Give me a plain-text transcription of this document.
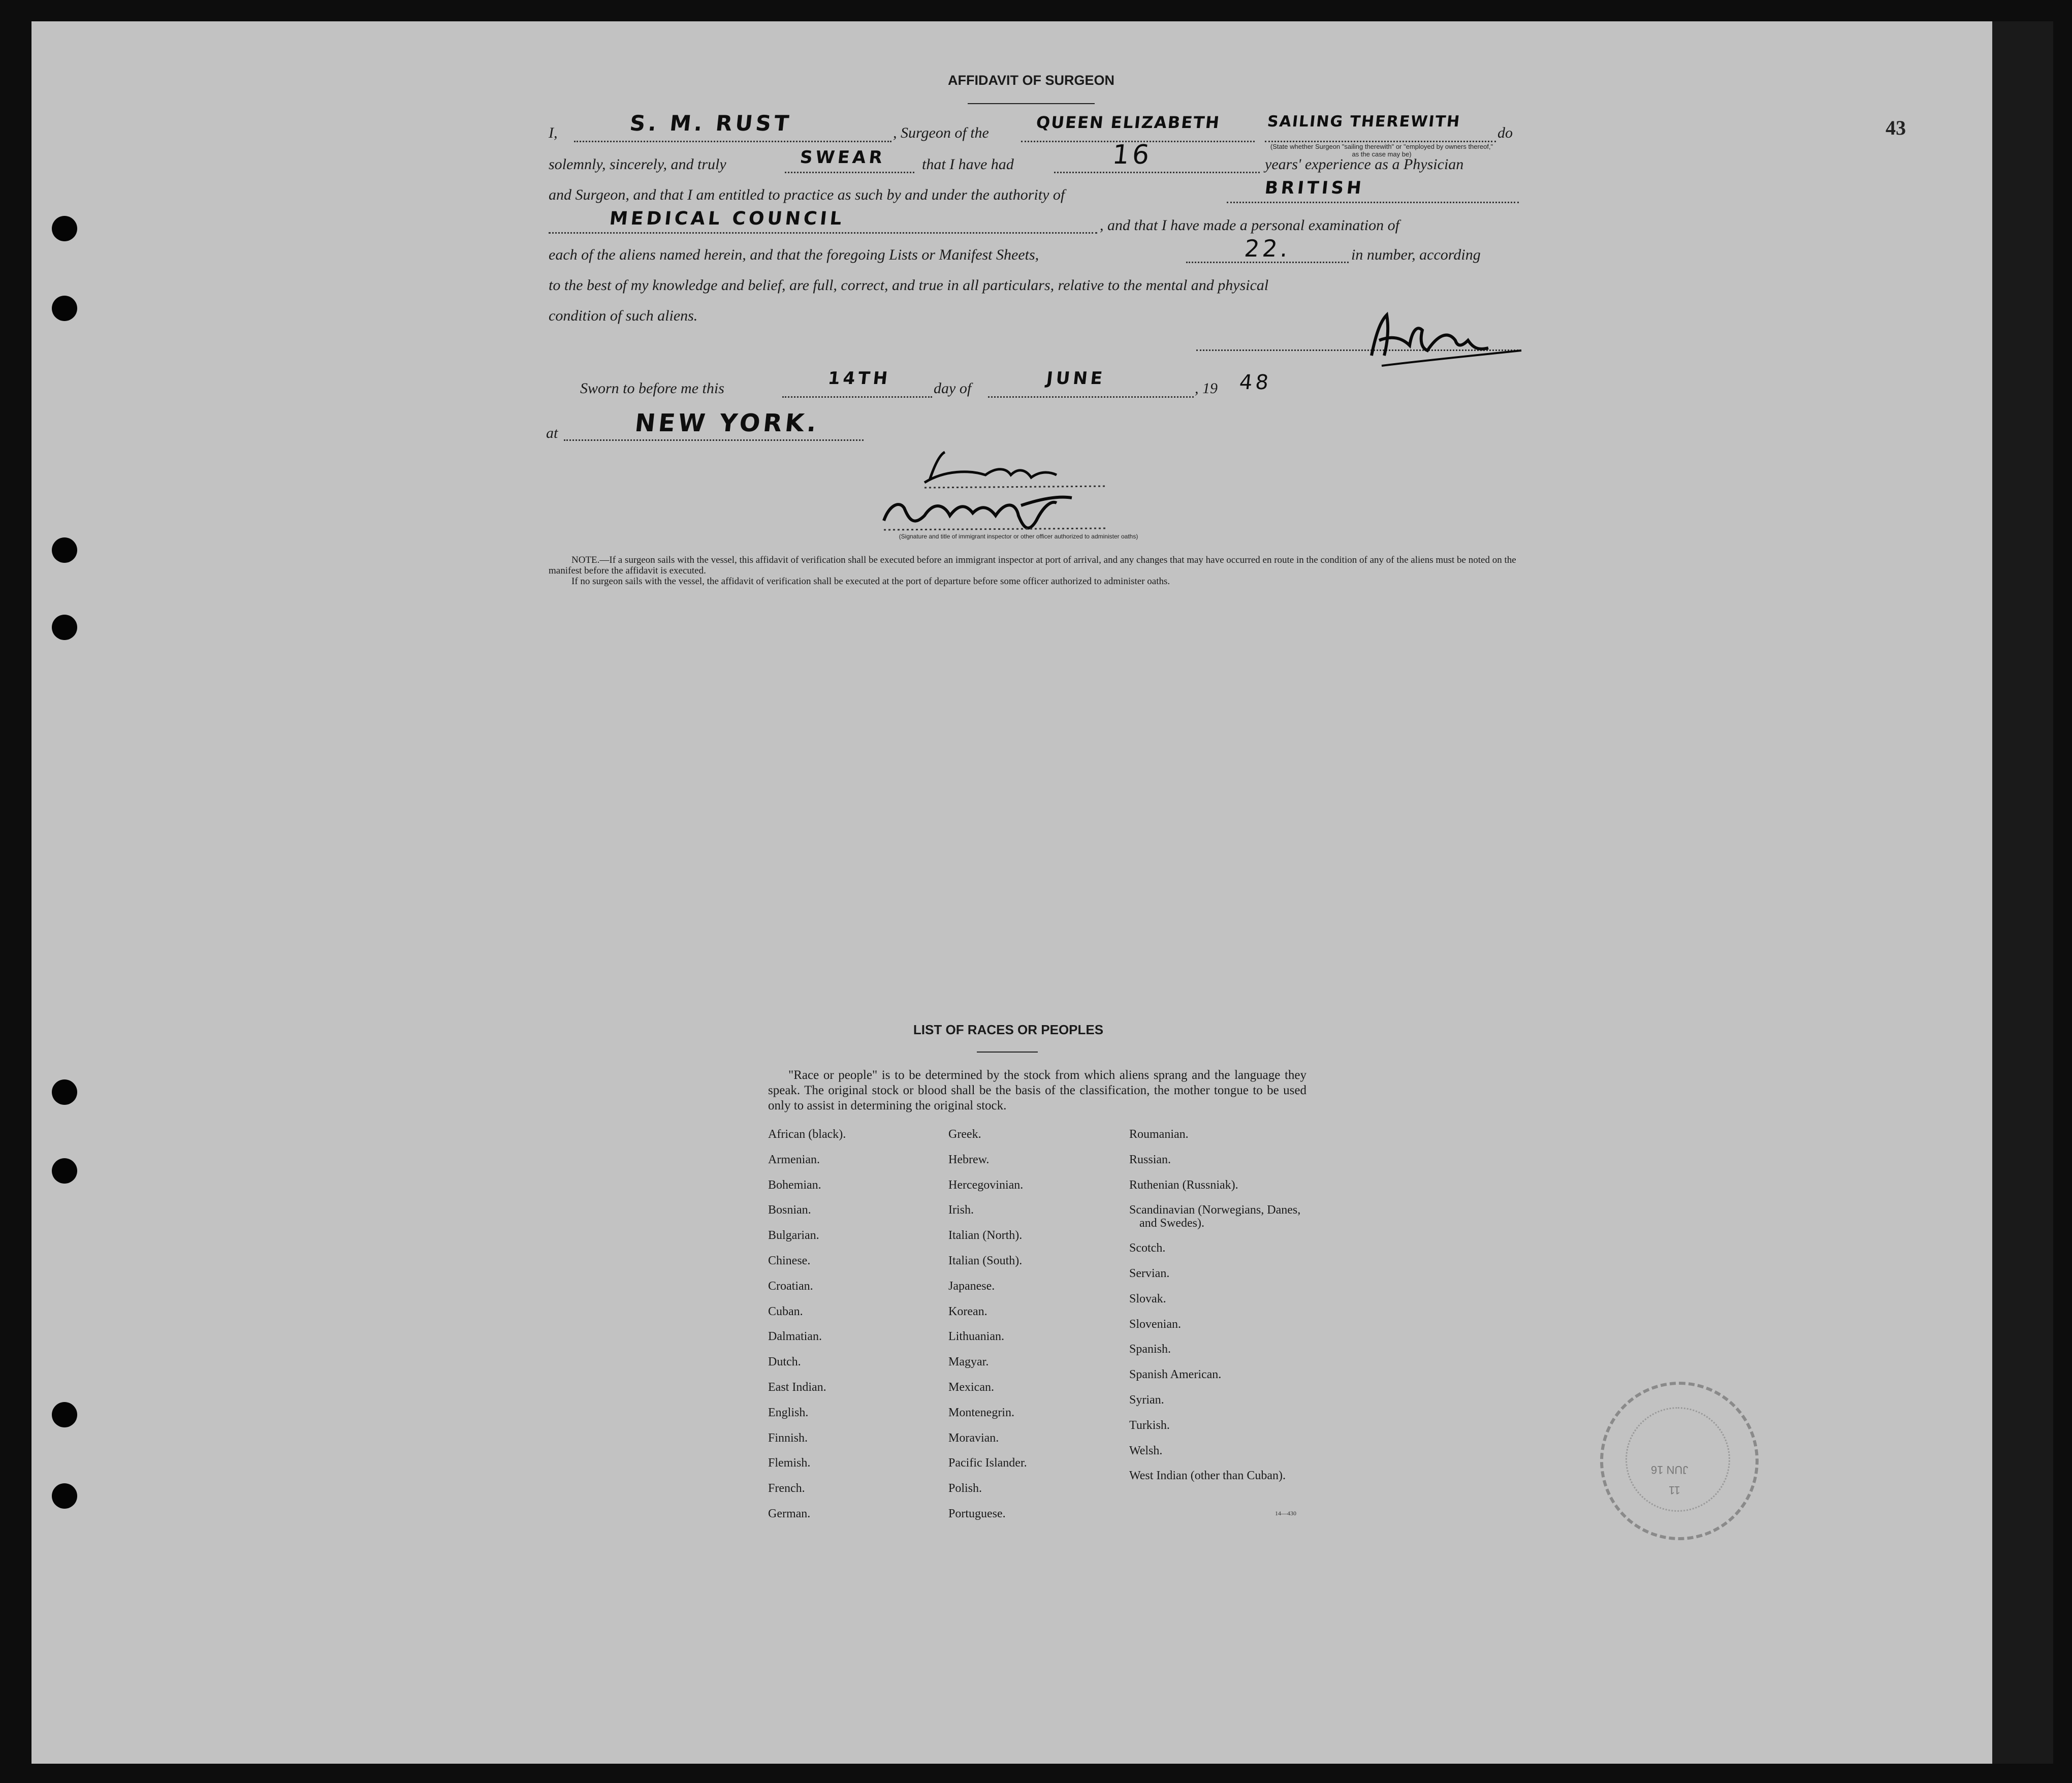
43
AFFIDAVIT OF SURGEON
I,	S. M. RUST	, Surgeon of the
QUEEN ELIZABETH	SAILING THEREWITH
do
(State whether Surgeon "sailing therewith" or "employed by owners thereof," as the case may be)
solemnly, sincerely, and truly	SWEAR that I have had	16	years' experience as a Physician
and Surgeon, and that I am entitled to practice as such by and under the authority of	BRITISH
MEDICAL COUNCIL	, and that I have made a personal examination of
each of the aliens named herein, and that the foregoing Lists or Manifest Sheets,	22.	in number, according
to the best of my knowledge and belief, are full, correct, and true in all particulars, relative to the mental and physical
condition of such aliens.
Sworn to before me this	14TH	day of	JUNE	, 19 48
at	NEW YORK.
(Signature and title of immigrant inspector or other officer authorized to administer oaths)
NOTE.—If a surgeon sails with the vessel, this affidavit of verification shall be executed before an immigrant inspector at port of arrival, and any changes that may have occurred en route in the condition of any of the aliens must be noted on the manifest before the affidavit is executed.
If no surgeon sails with the vessel, the affidavit of verification shall be executed at the port of departure before some officer authorized to administer oaths.
LIST OF RACES OR PEOPLES
"Race or people" is to be determined by the stock from which aliens sprang and the language they speak. The original stock or blood shall be the basis of the classification, the mother tongue to be used only to assist in determining the original stock.
African (black).
Armenian.
Bohemian.
Bosnian.
Bulgarian.
Chinese.
Croatian.
Cuban.
Dalmatian.
Dutch.
East Indian.
English.
Finnish.
Flemish.
French.
German.
Greek.
Hebrew.
Hercegovinian.
Irish.
Italian (North).
Italian (South).
Japanese.
Korean.
Lithuanian.
Magyar.
Mexican.
Montenegrin.
Moravian.
Pacific Islander.
Polish.
Portuguese.
Roumanian.
Russian.
Ruthenian (Russniak).
Scandinavian (Norwegians, Danes, and Swedes).
Scotch.
Servian.
Slovak.
Slovenian.
Spanish.
Spanish American.
Syrian.
Turkish.
Welsh.
West Indian (other than Cuban).
14—430
JUN 16
11
